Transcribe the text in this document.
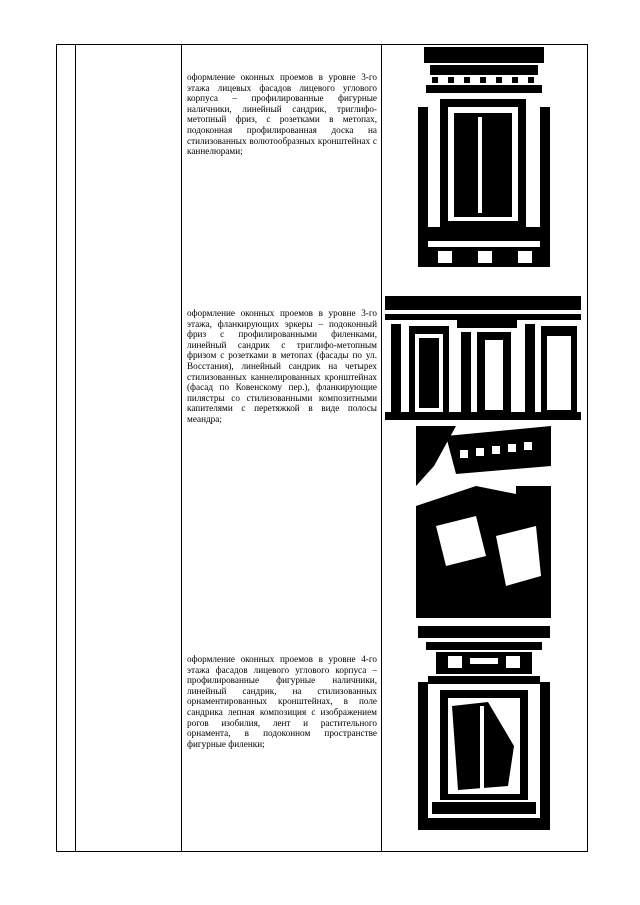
оформление оконных проемов в уровне 3-го этажа лицевых фасадов лицевого углового корпуса – профилированные фигурные наличники, линейный сандрик, триглифо-метопный фриз, с розетками в метопах, подоконная профилированная доска на стилизованных волютообразных кронштейнах с каннелюрами;
оформление оконных проемов в уровне 3-го этажа, фланкирующих эркеры – подоконный фриз с профилированными филенками, линейный сандрик с триглифо-метопным фризом с розетками в метопах (фасады по ул. Восстания), линейный сандрик на четырех стилизованных каннелированных кронштейнах (фасад по Ковенскому пер.), фланкирующие пилястры со стилизованными композитными капителями с перетяжкой в виде полосы меандра;
оформление оконных проемов в уровне 4-го этажа фасадов лицевого углового корпуса – профилированные фигурные наличники, линейный сандрик, на стилизованных орнаментированных кронштейнах, в поле сандрика лепная композиция с изображением рогов изобилия, лент и растительного орнамента, в подоконном пространстве фигурные филенки;
